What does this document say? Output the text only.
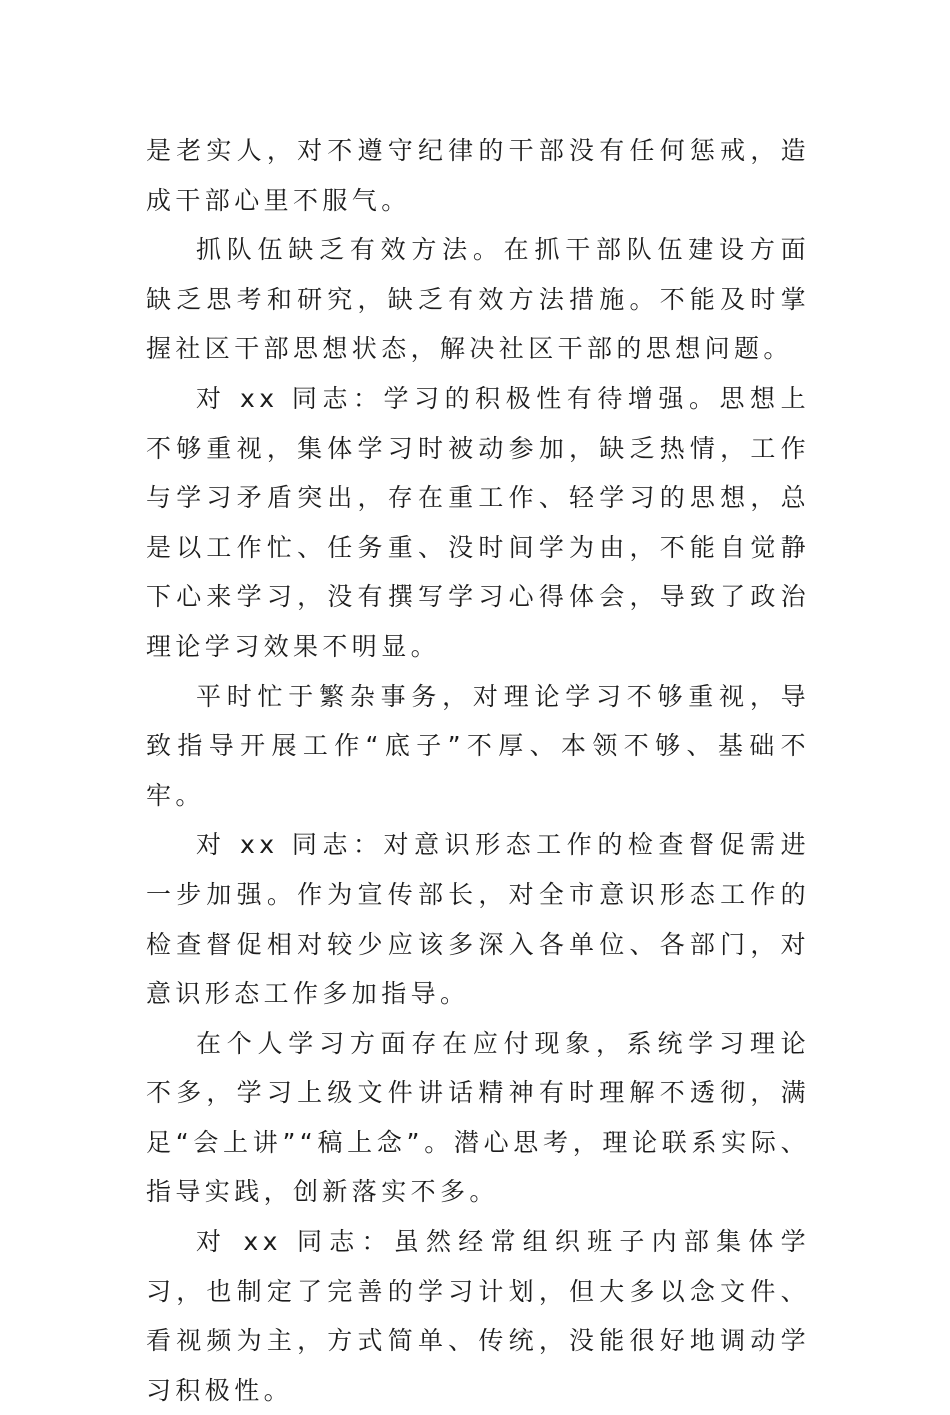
是老实人，对不遵守纪律的干部没有任何惩戒，造成干部心里不服气。

抓队伍缺乏有效方法。在抓干部队伍建设方面缺乏思考和研究，缺乏有效方法措施。不能及时掌握社区干部思想状态，解决社区干部的思想问题。

对 xx 同志：学习的积极性有待增强。思想上不够重视，集体学习时被动参加，缺乏热情，工作与学习矛盾突出，存在重工作、轻学习的思想，总是以工作忙、任务重、没时间学为由，不能自觉静下心来学习，没有撰写学习心得体会，导致了政治理论学习效果不明显。

平时忙于繁杂事务，对理论学习不够重视，导致指导开展工作“底子”不厚、本领不够、基础不牢。

对 xx 同志：对意识形态工作的检查督促需进一步加强。作为宣传部长，对全市意识形态工作的检查督促相对较少应该多深入各单位、各部门，对意识形态工作多加指导。

在个人学习方面存在应付现象，系统学习理论不多，学习上级文件讲话精神有时理解不透彻，满足“会上讲”“稿上念”。潜心思考，理论联系实际、指导实践，创新落实不多。

对 xx 同志：虽然经常组织班子内部集体学习，也制定了完善的学习计划，但大多以念文件、看视频为主，方式简单、传统，没能很好地调动学习积极性。
